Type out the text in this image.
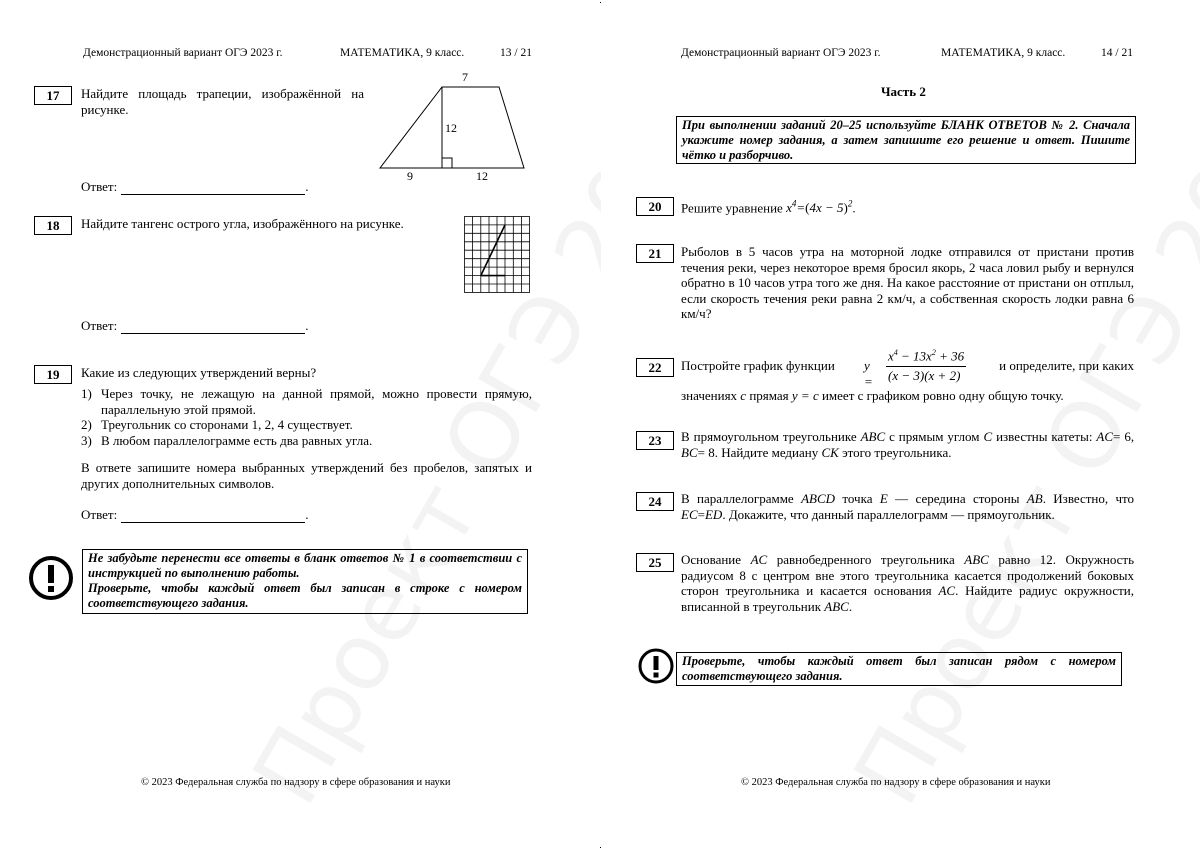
Демонстрационный вариант ОГЭ 2023 г.	МАТЕМАТИКА, 9 класс.	13 / 21
17	Найдите площадь трапеции, изображённой на рисунке.
7
12
9	12
Ответ:	.
18	Найдите тангенс острого угла, изображённого на рисунке.
Ответ:	.
19	Какие из следующих утверждений верны?
1) Через точку, не лежащую на данной прямой, можно провести прямую, параллельную этой прямой.
2) Треугольник со сторонами 1, 2, 4 существует.
3) В любом параллелограмме есть два равных угла.
В ответе запишите номера выбранных утверждений без пробелов, запятых и других дополнительных символов.
Ответ:	.
Не забудьте перенести все ответы в бланк ответов № 1 в соответствии с инструкцией по выполнению работы.
Проверьте, чтобы каждый ответ был записан в строке с номером соответствующего задания.
© 2023 Федеральная служба по надзору в сфере образования и науки
Демонстрационный вариант ОГЭ 2023 г.	МАТЕМАТИКА, 9 класс.	14 / 21
Часть 2
При выполнении заданий 20–25 используйте БЛАНК ОТВЕТОВ № 2. Сначала укажите номер задания, а затем запишите его решение и ответ. Пишите чётко и разборчиво.
20	Решите уравнение $x^4=(4x - 5)^2$.
21	Рыболов в 5 часов утра на моторной лодке отправился от пристани против течения реки, через некоторое время бросил якорь, 2 часа ловил рыбу и вернулся обратно в 10 часов утра того же дня. На какое расстояние от пристани он отплыл, если скорость течения реки равна 2 км/ч, а собственная скорость лодки равна 6 км/ч?
22	Постройте график функции	y =
$x^4 - 13x^2 + 36$
(x − 3)(x + 2)
и определите, при каких
значениях c прямая y = c имеет с графиком ровно одну общую точку.
23	В прямоугольном треугольнике ABC с прямым углом C известны катеты: AC= 6, BC= 8. Найдите медиану CK этого треугольника.
24	В параллелограмме ABCD точка E — середина стороны AB. Известно, что EC=ED. Докажите, что данный параллелограмм — прямоугольник.
25	Основание AC равнобедренного треугольника ABC равно 12. Окружность радиусом 8 с центром вне этого треугольника касается продолжений боковых сторон треугольника и касается основания AC. Найдите радиус окружности, вписанной в треугольник ABC.
Проверьте, чтобы каждый ответ был записан рядом с номером соответствующего задания.
© 2023 Федеральная служба по надзору в сфере образования и науки
